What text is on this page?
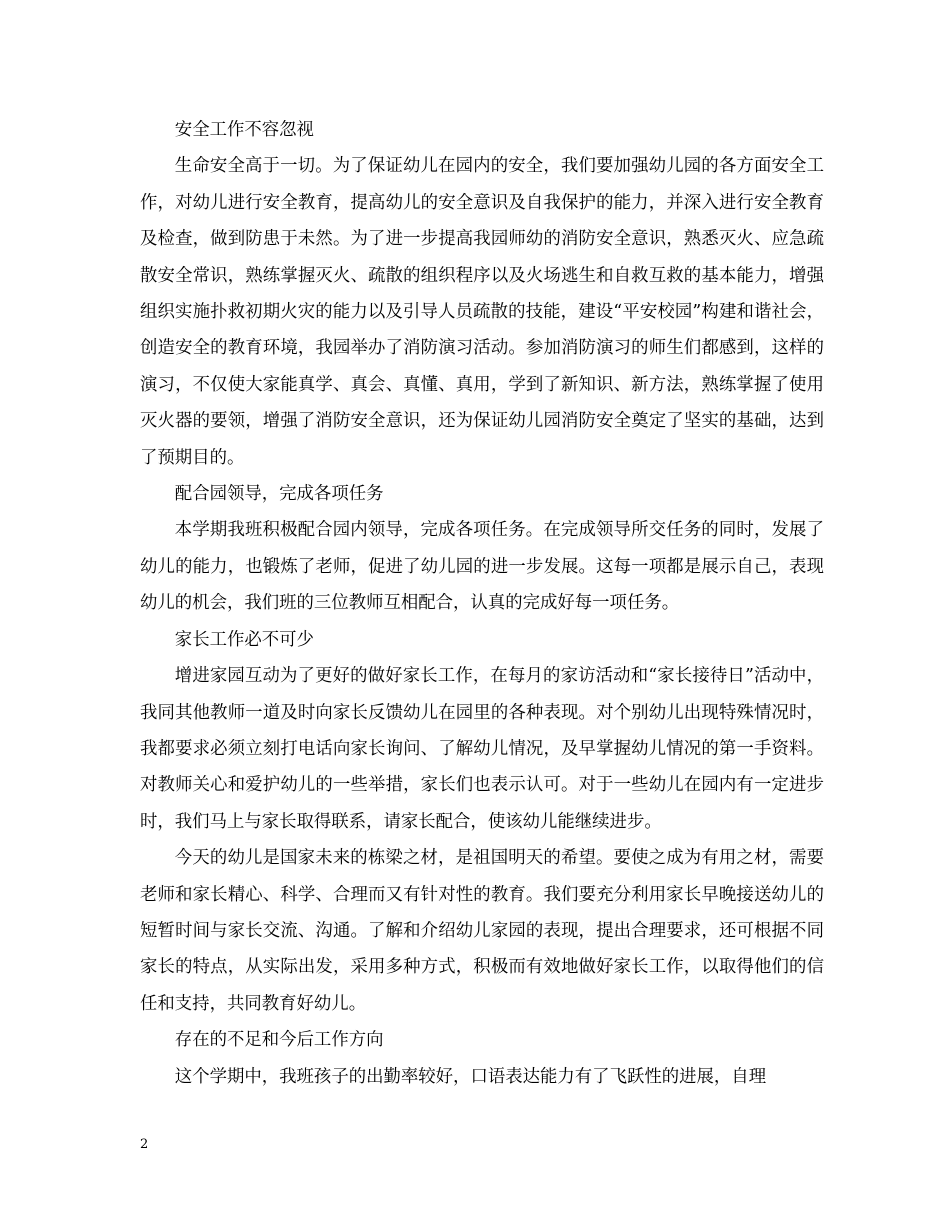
安全工作不容忽视

生命安全高于一切。为了保证幼儿在园内的安全，我们要加强幼儿园的各方面安全工作，对幼儿进行安全教育，提高幼儿的安全意识及自我保护的能力，并深入进行安全教育及检查，做到防患于未然。为了进一步提高我园师幼的消防安全意识，熟悉灭火、应急疏散安全常识，熟练掌握灭火、疏散的组织程序以及火场逃生和自救互救的基本能力，增强组织实施扑救初期火灾的能力以及引导人员疏散的技能，建设“平安校园”构建和谐社会，创造安全的教育环境，我园举办了消防演习活动。参加消防演习的师生们都感到，这样的演习，不仅使大家能真学、真会、真懂、真用，学到了新知识、新方法，熟练掌握了使用灭火器的要领，增强了消防安全意识，还为保证幼儿园消防安全奠定了坚实的基础，达到了预期目的。

配合园领导，完成各项任务

本学期我班积极配合园内领导，完成各项任务。在完成领导所交任务的同时，发展了幼儿的能力，也锻炼了老师，促进了幼儿园的进一步发展。这每一项都是展示自己，表现幼儿的机会，我们班的三位教师互相配合，认真的完成好每一项任务。

家长工作必不可少

增进家园互动为了更好的做好家长工作，在每月的家访活动和“家长接待日”活动中，我同其他教师一道及时向家长反馈幼儿在园里的各种表现。对个别幼儿出现特殊情况时，我都要求必须立刻打电话向家长询问、了解幼儿情况，及早掌握幼儿情况的第一手资料。对教师关心和爱护幼儿的一些举措，家长们也表示认可。对于一些幼儿在园内有一定进步时，我们马上与家长取得联系，请家长配合，使该幼儿能继续进步。

今天的幼儿是国家未来的栋梁之材，是祖国明天的希望。要使之成为有用之材，需要老师和家长精心、科学、合理而又有针对性的教育。我们要充分利用家长早晚接送幼儿的短暂时间与家长交流、沟通。了解和介绍幼儿家园的表现，提出合理要求，还可根据不同家长的特点，从实际出发，采用多种方式，积极而有效地做好家长工作，以取得他们的信任和支持，共同教育好幼儿。

存在的不足和今后工作方向

这个学期中，我班孩子的出勤率较好，口语表达能力有了飞跃性的进展，自理

2
